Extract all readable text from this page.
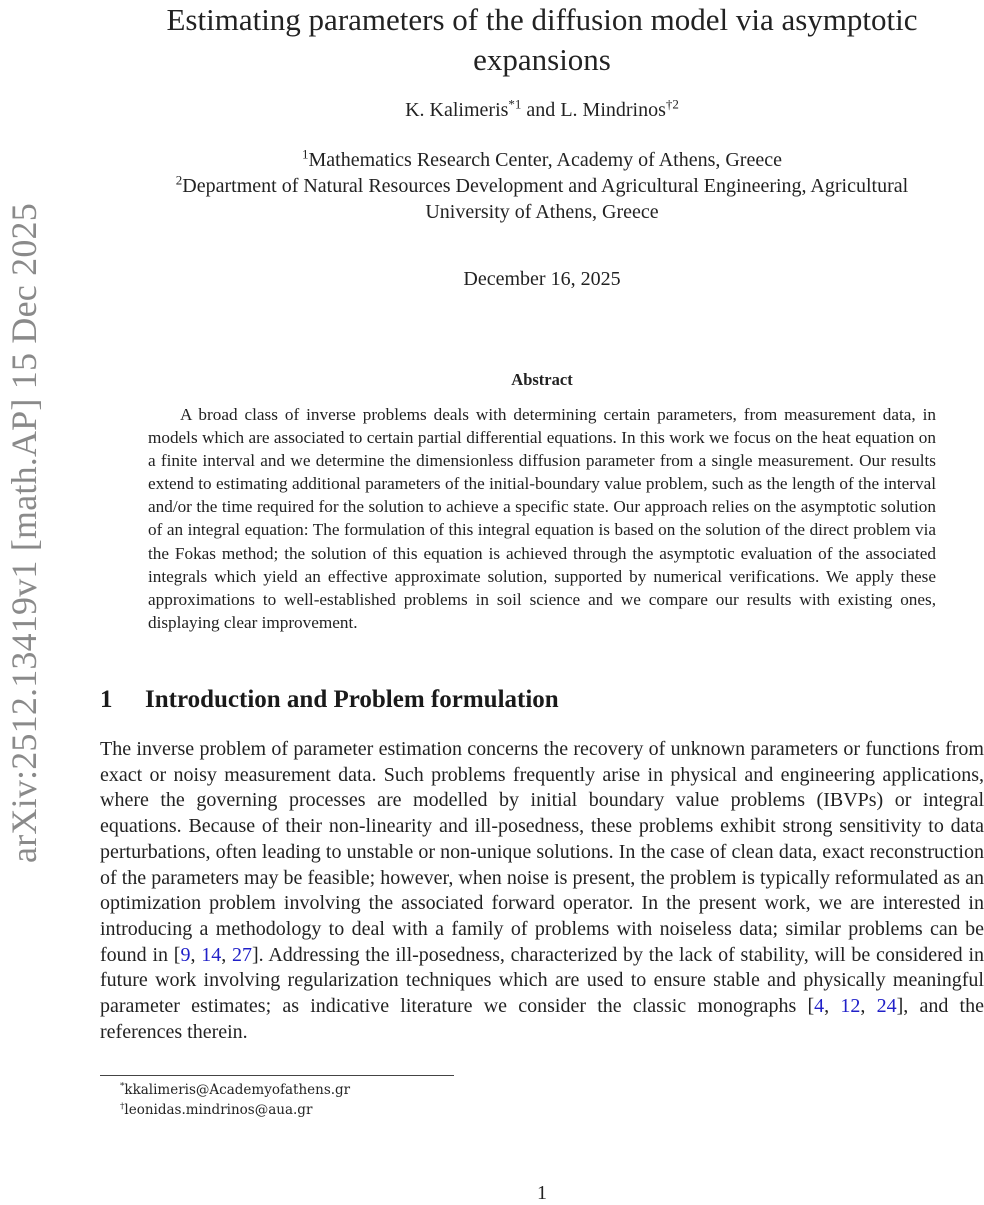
arXiv:2512.13419v1 [math.AP] 15 Dec 2025
Estimating parameters of the diffusion model via asymptotic
expansions
K. Kalimeris$^{*1}$ and L. Mindrinos$^{\dagger 2}$
$^1$Mathematics Research Center, Academy of Athens, Greece
$^2$Department of Natural Resources Development and Agricultural Engineering, Agricultural
University of Athens, Greece
December 16, 2025
Abstract

A broad class of inverse problems deals with determining certain parameters, from measurement data, in models which are associated to certain partial differential equations. In this work we focus on the heat equation on a finite interval and we determine the dimensionless diffusion parameter from a single measurement. Our results extend to estimating additional parameters of the initial-boundary value problem, such as the length of the interval and/or the time required for the solution to achieve a specific state. Our approach relies on the asymptotic solution of an integral equation: The formulation of this integral equation is based on the solution of the direct problem via the Fokas method; the solution of this equation is achieved through the asymptotic evaluation of the associated integrals which yield an effective approximate solution, supported by numerical verifications. We apply these approximations to well-established problems in soil science and we compare our results with existing ones, displaying clear improvement.

1 Introduction and Problem formulation

The inverse problem of parameter estimation concerns the recovery of unknown parameters or functions from exact or noisy measurement data. Such problems frequently arise in physical and engineering applications, where the governing processes are modelled by initial boundary value problems (IBVPs) or integral equations. Because of their non-linearity and ill-posedness, these problems exhibit strong sensitivity to data perturbations, often leading to unstable or non-unique solutions. In the case of clean data, exact reconstruction of the parameters may be feasible; however, when noise is present, the problem is typically reformulated as an optimization problem involving the associated forward operator. In the present work, we are interested in introducing a methodology to deal with a family of problems with noiseless data; similar problems can be found in [9, 14, 27]. Addressing the ill-posedness, characterized by the lack of stability, will be considered in future work involving regularization techniques which are used to ensure stable and physically meaningful parameter estimates; as indicative literature we consider the classic monographs [4, 12, 24], and the references therein.

*kkalimeris@Academyofathens.gr
†leonidas.mindrinos@aua.gr
1
